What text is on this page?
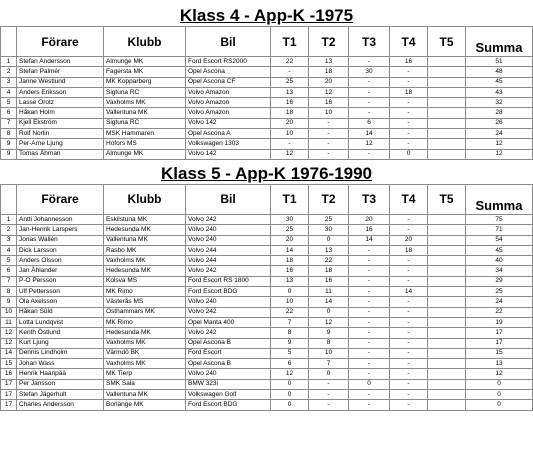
Klass 4 - App-K -1975
	Förare	Klubb	Bil	T1	T2	T3	T4	T5	Summa
1	Stefan Andersson	Almunge MK	Ford Escort RS2000	22	13	-	16		51
2	Stefan Palmér	Fagersta MK	Opel Ascona	-	18	30	-		48
3	Janne Westlund	MK Kopparberg	Opel Ascona CF	25	20	-	-		45
4	Anders Eriksson	Sigtuna RC	Volvo Amazon	13	12	-	18		43
5	Lasse Orotz	Vaxholms MK	Volvo Amazon	16	16	-	-		32
6	Håkan Holm	Vallentuna MK	Volvo Amazon	18	10	-	-		28
7	Kjell Ekström	Sigtuna RC	Volvo 142	20	-	6	-		26
8	Rolf Norlin	MSK Hammaren	Opel Ascona A	10	-	14	-		24
9	Per-Arne Ljung	Hofors MS	Volkswagen 1303	-	-	12	-		12
9	Tomas Åhman	Almunge MK	Volvo 142	12	-	-	0		12
Klass 5 - App-K 1976-1990
	Förare	Klubb	Bil	T1	T2	T3	T4	T5	Summa
1	Antti Johannesson	Eskilstuna MK	Volvo 242	30	25	20	-		75
2	Jan-Henrik Larspers	Hedesunda MK	Volvo 240	25	30	16	-		71
3	Jonas Wallén	Vallentuna MK	Volvo 240	20	0	14	20		54
4	Dick Larsson	Rasbo MK	Volvo 244	14	13	-	18		45
5	Anders Olsson	Vaxholms MK	Volvo 244	18	22	-	-		40
6	Jan Åhlander	Hedesunda MK	Volvo 242	16	18	-	-		34
7	P-O Persson	Kolsva MS	Ford Escort RS 1800	13	16	-	-		29
8	Ulf Pettersson	MK Rimo	Ford Escort BDG	0	11	-	14		25
9	Ola Axelsson	Västerås MS	Volvo 240	10	14	-	-		24
10	Håkan Süld	Östhammars MK	Volvo 242	22	0	-	-		22
11	Lotta Lundqvist	MK Rimo	Opel Manta 400	7	12	-	-		19
12	Kenth Östlund	Hedesunda MK	Volvo 242	8	9	-	-		17
12	Kurt Ljung	Vaxholms MK	Opel Ascona B	9	8	-	-		17
14	Dennis Lindholm	Värmdö BK	Ford Escort	5	10	-	-		15
15	Johan Wass	Vaxholms MK	Opel Ascona B	6	7	-	-		13
16	Henrik Haanpää	MK Tierp	Volvo 240	12	0	-	-		12
17	Per Jansson	SMK Sala	BMW 323i	0	-	0	-		0
17	Stefan Jägerhult	Vallentuna MK	Volkswagen Golf	0	-	-	-		0
17	Charles Andersson	Borlänge MK	Ford Escort BDG	0	-	-	-		0
